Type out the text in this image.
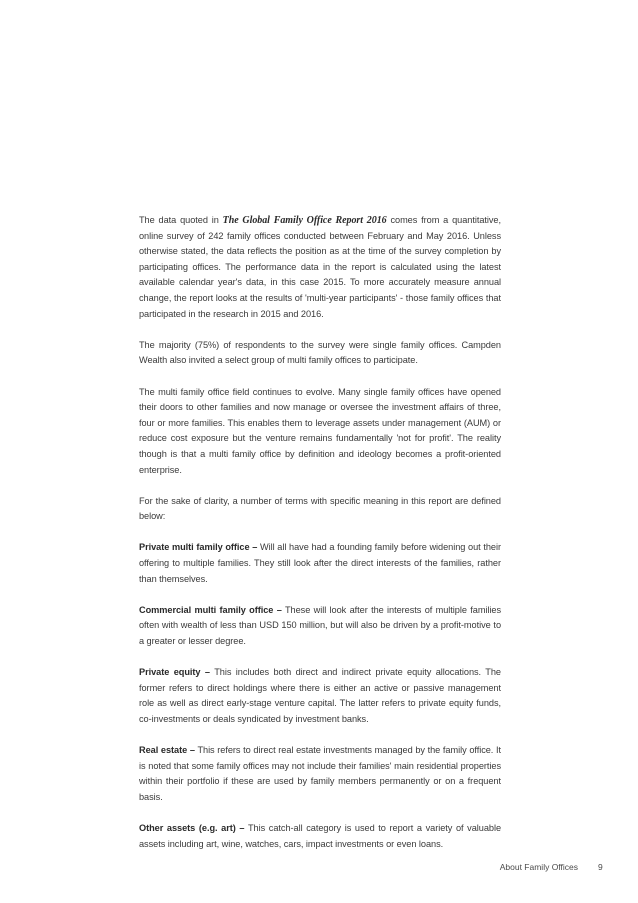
The data quoted in The Global Family Office Report 2016 comes from a quantitative, online survey of 242 family offices conducted between February and May 2016. Unless otherwise stated, the data reflects the position as at the time of the survey completion by participating offices. The performance data in the report is calculated using the latest available calendar year's data, in this case 2015. To more accurately measure annual change, the report looks at the results of 'multi-year participants' - those family offices that participated in the research in 2015 and 2016.

The majority (75%) of respondents to the survey were single family offices. Campden Wealth also invited a select group of multi family offices to participate.

The multi family office field continues to evolve. Many single family offices have opened their doors to other families and now manage or oversee the investment affairs of three, four or more families. This enables them to leverage assets under management (AUM) or reduce cost exposure but the venture remains fundamentally 'not for profit'. The reality though is that a multi family office by definition and ideology becomes a profit-oriented enterprise.

For the sake of clarity, a number of terms with specific meaning in this report are defined below:

Private multi family office – Will all have had a founding family before widening out their offering to multiple families. They still look after the direct interests of the families, rather than themselves.

Commercial multi family office – These will look after the interests of multiple families often with wealth of less than USD 150 million, but will also be driven by a profit-motive to a greater or lesser degree.

Private equity – This includes both direct and indirect private equity allocations. The former refers to direct holdings where there is either an active or passive management role as well as direct early-stage venture capital. The latter refers to private equity funds, co-investments or deals syndicated by investment banks.

Real estate – This refers to direct real estate investments managed by the family office. It is noted that some family offices may not include their families' main residential properties within their portfolio if these are used by family members permanently or on a frequent basis.

Other assets (e.g. art) – This catch-all category is used to report a variety of valuable assets including art, wine, watches, cars, impact investments or even loans.

About Family Offices 9
